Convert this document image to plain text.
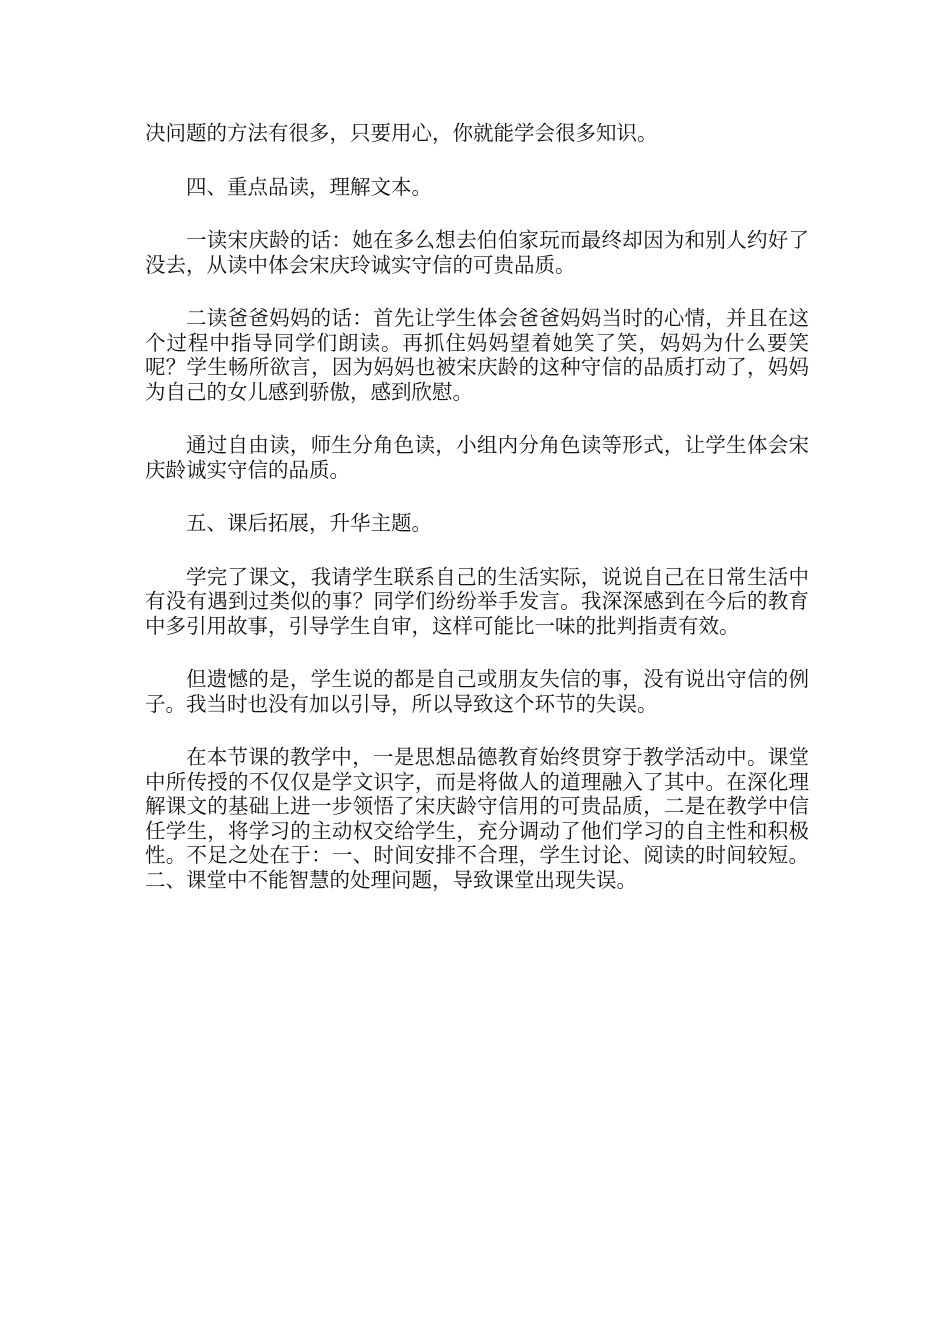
决问题的方法有很多，只要用心，你就能学会很多知识。

四、重点品读，理解文本。

一读宋庆龄的话：她在多么想去伯伯家玩而最终却因为和别人约好了没去，从读中体会宋庆玲诚实守信的可贵品质。

二读爸爸妈妈的话：首先让学生体会爸爸妈妈当时的心情，并且在这个过程中指导同学们朗读。再抓住妈妈望着她笑了笑，妈妈为什么要笑呢？学生畅所欲言，因为妈妈也被宋庆龄的这种守信的品质打动了，妈妈为自己的女儿感到骄傲，感到欣慰。

通过自由读，师生分角色读，小组内分角色读等形式，让学生体会宋庆龄诚实守信的品质。

五、课后拓展，升华主题。

学完了课文，我请学生联系自己的生活实际，说说自己在日常生活中有没有遇到过类似的事？同学们纷纷举手发言。我深深感到在今后的教育中多引用故事，引导学生自审，这样可能比一味的批判指责有效。

但遗憾的是，学生说的都是自己或朋友失信的事，没有说出守信的例子。我当时也没有加以引导，所以导致这个环节的失误。

在本节课的教学中，一是思想品德教育始终贯穿于教学活动中。课堂中所传授的不仅仅是学文识字，而是将做人的道理融入了其中。在深化理解课文的基础上进一步领悟了宋庆龄守信用的可贵品质，二是在教学中信任学生，将学习的主动权交给学生，充分调动了他们学习的自主性和积极性。不足之处在于：一、时间安排不合理，学生讨论、阅读的时间较短。二、课堂中不能智慧的处理问题，导致课堂出现失误。
